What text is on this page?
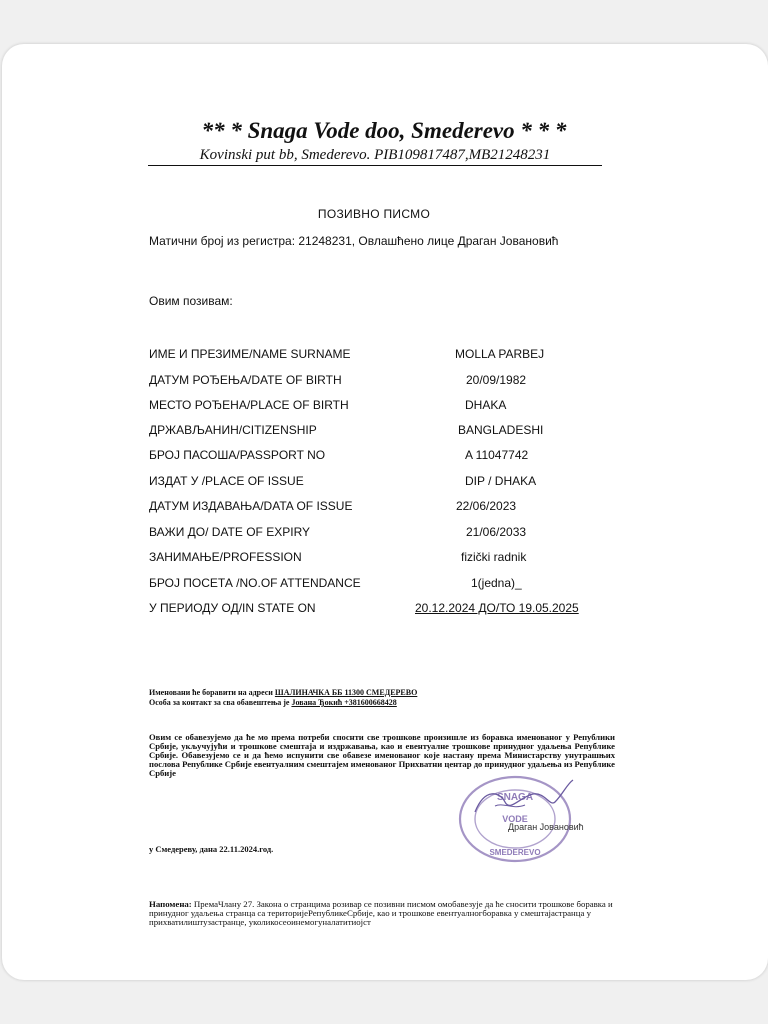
** * Snaga Vode doo, Smederevo * * *
Kovinski put bb, Smederevo. PIB109817487,MB21248231
ПОЗИВНО ПИСМО
Матични број из регистра: 21248231, Овлашћено лице Драган Јовановић
Овим позивам:
ИМЕ И ПРЕЗИМЕ/NAME SURNAME	MOLLA PARBEJ
ДАТУМ РОЂЕЊА/DATE OF BIRTH	20/09/1982
МЕСТО РОЂЕНА/PLACE OF BIRTH	DHAKA
ДРЖАВЉАНИН/CITIZENSHIP	BANGLADESHI
БРОЈ ПАСОША/PASSPORT NO	A 11047742
ИЗДАТ У /PLACE OF ISSUE	DIP / DHAKA
ДАТУМ ИЗДАВАЊА/DATA OF ISSUE	22/06/2023
ВАЖИ ДО/ DATE OF EXPIRY	21/06/2033
ЗАНИМАЊЕ/PROFESSION	fizički radnik
БРОЈ ПОСЕТА /NO.OF ATTENDANCE	1(jedna)_
У ПЕРИОДУ ОД/IN STATE ON	20.12.2024 ДО/ТО 19.05.2025
Именовани ће боравити на адреси ШАЛИНАЧКА ББ 11300 СМЕДЕРЕВО
Особа за контакт за сва обавештења је Јована Ђокић +381600668428
Овим се обавезујемо да ће мо према потреби споснти све трошкове произишле из боравка именованог у Републики Србије, укључујући и трошкове смештаја и издржавања, као и евентуалне трошкове принудног удаљења Републике Србије. Обавезујемо се и да ћемо испунити све обавезе именованог које настану према Министарству унутрашњих послова Републике Србије евентуалним смештајем именованог Прихватни центар до принудног удаљења из Републике Србије
SNAGA
VODE
SMEDEREVO
Драган Јовановић
у Смедереву, дана 22.11.2024.год.
Напомена: ПремаЧлану 27. Закона о странцима розивар се позивни писмом омобавезује да ће сносити трошкове боравка и принудног удаљења странца са територијеРепубликеСрбије, као и трошкове евентуалногборавка у смештајастранца у прихватилиштузастранце, уколикосеоинемогуналатитиојст
